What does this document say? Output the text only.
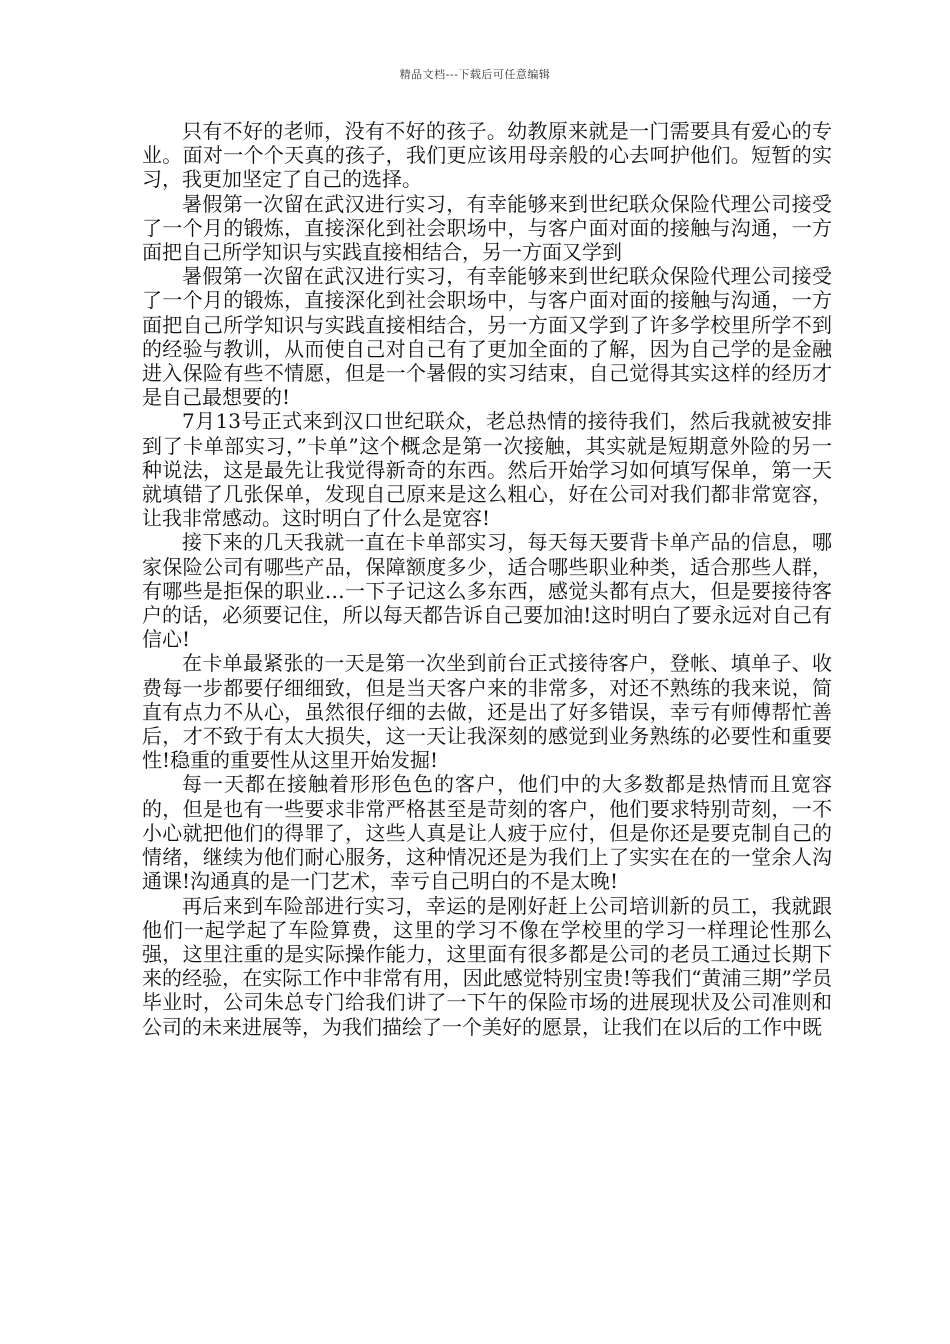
精品文档---下载后可任意编辑

只有不好的老师，没有不好的孩子。幼教原来就是一门需要具有爱心的专业。面对一个个天真的孩子，我们更应该用母亲般的心去呵护他们。短暂的实习，我更加坚定了自己的选择。

暑假第一次留在武汉进行实习，有幸能够来到世纪联众保险代理公司接受了一个月的锻炼，直接深化到社会职场中，与客户面对面的接触与沟通，一方面把自己所学知识与实践直接相结合，另一方面又学到

暑假第一次留在武汉进行实习，有幸能够来到世纪联众保险代理公司接受了一个月的锻炼，直接深化到社会职场中，与客户面对面的接触与沟通，一方面把自己所学知识与实践直接相结合，另一方面又学到了许多学校里所学不到的经验与教训，从而使自己对自己有了更加全面的了解，因为自己学的是金融进入保险有些不情愿，但是一个暑假的实习结束，自己觉得其实这样的经历才是自己最想要的!

7月13号正式来到汉口世纪联众，老总热情的接待我们，然后我就被安排到了卡单部实习，”卡单”这个概念是第一次接触，其实就是短期意外险的另一种说法，这是最先让我觉得新奇的东西。然后开始学习如何填写保单，第一天就填错了几张保单，发现自己原来是这么粗心，好在公司对我们都非常宽容，让我非常感动。这时明白了什么是宽容!

接下来的几天我就一直在卡单部实习，每天每天要背卡单产品的信息，哪家保险公司有哪些产品，保障额度多少，适合哪些职业种类，适合那些人群，有哪些是拒保的职业…一下子记这么多东西，感觉头都有点大，但是要接待客户的话，必须要记住，所以每天都告诉自己要加油!这时明白了要永远对自己有信心!

在卡单最紧张的一天是第一次坐到前台正式接待客户，登帐、填单子、收费每一步都要仔细细致，但是当天客户来的非常多，对还不熟练的我来说，简直有点力不从心，虽然很仔细的去做，还是出了好多错误，幸亏有师傅帮忙善后，才不致于有太大损失，这一天让我深刻的感觉到业务熟练的必要性和重要性!稳重的重要性从这里开始发掘!

每一天都在接触着形形色色的客户，他们中的大多数都是热情而且宽容的，但是也有一些要求非常严格甚至是苛刻的客户，他们要求特别苛刻，一不小心就把他们的得罪了，这些人真是让人疲于应付，但是你还是要克制自己的情绪，继续为他们耐心服务，这种情况还是为我们上了实实在在的一堂余人沟通课!沟通真的是一门艺术，幸亏自己明白的不是太晚!

再后来到车险部进行实习，幸运的是刚好赶上公司培训新的员工，我就跟他们一起学起了车险算费，这里的学习不像在学校里的学习一样理论性那么强，这里注重的是实际操作能力，这里面有很多都是公司的老员工通过长期下来的经验，在实际工作中非常有用，因此感觉特别宝贵!等我们“黄浦三期”学员毕业时，公司朱总专门给我们讲了一下午的保险市场的进展现状及公司准则和公司的未来进展等，为我们描绘了一个美好的愿景，让我们在以后的工作中既
